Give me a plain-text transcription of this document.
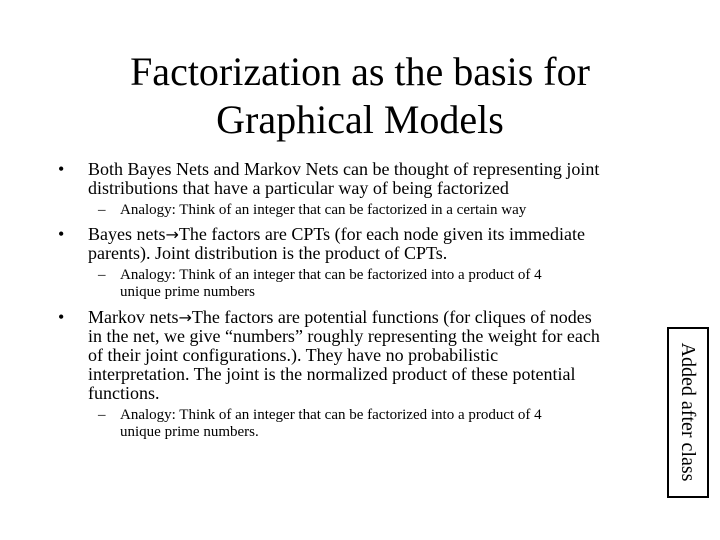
Factorization as the basis for
Graphical Models
• Both Bayes Nets and Markov Nets can be thought of representing joint
distributions that have a particular way of being factorized
– Analogy: Think of an integer that can be factorized in a certain way
• Bayes nets→The factors are CPTs (for each node given its immediate
parents). Joint distribution is the product of CPTs.
– Analogy: Think of an integer that can be factorized into a product of 4
unique prime numbers
• Markov nets→The factors are potential functions (for cliques of nodes
in the net, we give “numbers” roughly representing the weight for each
of their joint configurations.). They have no probabilistic
interpretation. The joint is the normalized product of these potential
functions.
– Analogy: Think of an integer that can be factorized into a product of 4
unique prime numbers.	Added after class
